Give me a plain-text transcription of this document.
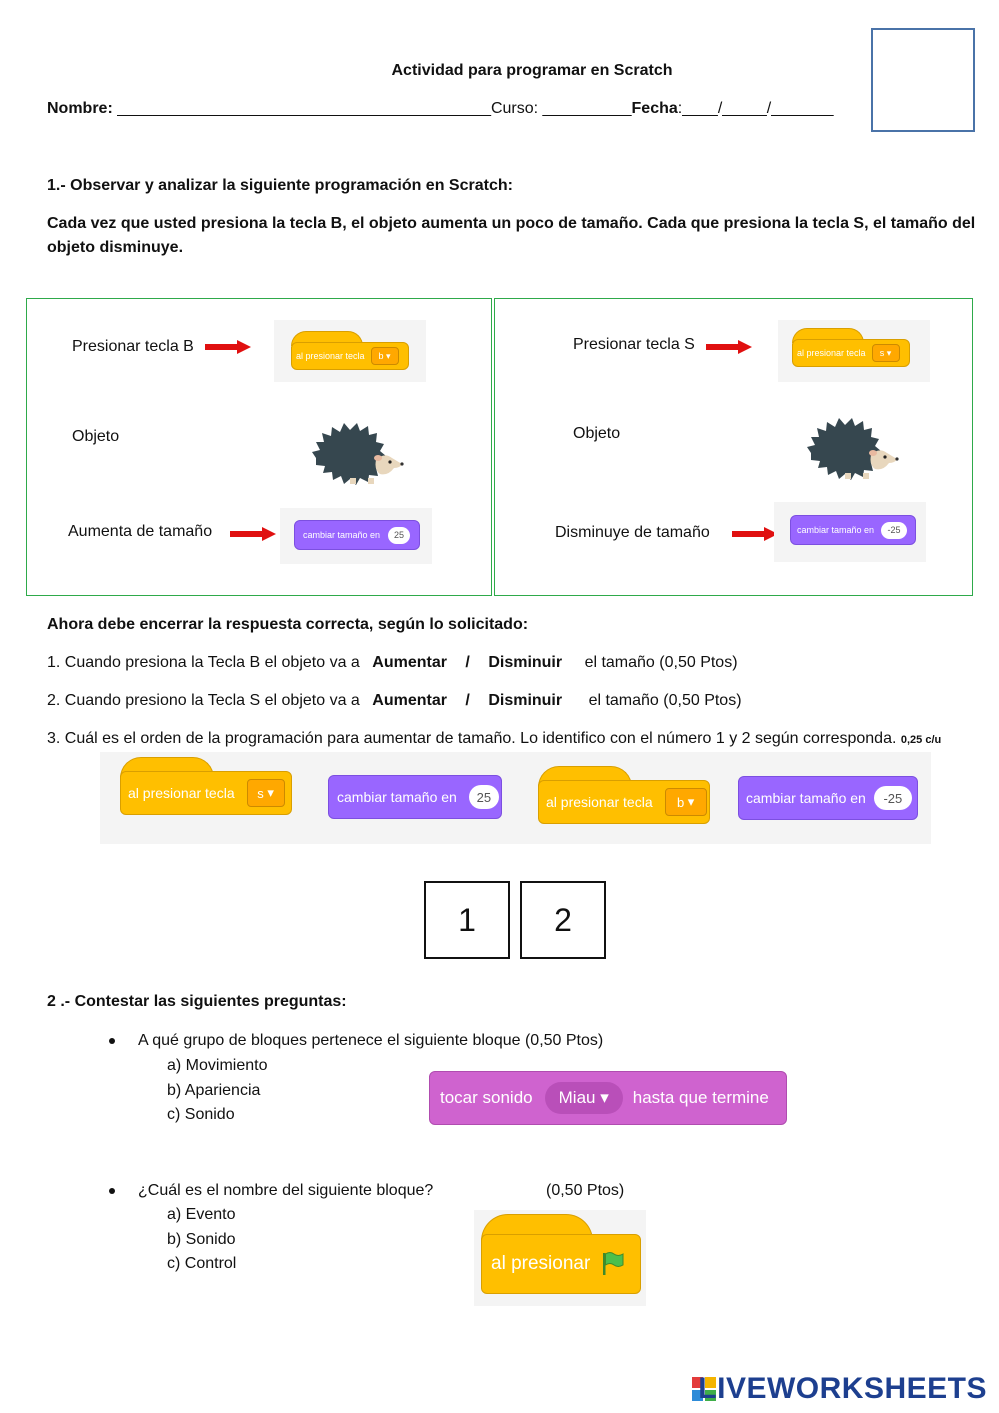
Actividad para programar en Scratch
Nombre: __________________________________________Curso: __________Fecha:____/_____/_______
1.- Observar y analizar la siguiente programación en Scratch:
Cada vez que usted presiona la tecla B, el objeto aumenta un poco de tamaño. Cada que presiona la tecla S, el tamaño del objeto disminuye.
Presionar tecla B
al presionar tecla b ▾
Objeto
Aumenta de tamaño	cambiar tamaño en	25
Presionar tecla S	al presionar tecla s ▾
Objeto
Disminuye de tamaño	cambiar tamaño en	-25
Ahora debe encerrar la respuesta correcta, según lo solicitado:
1. Cuando presiona la Tecla B el objeto va a Aumentar / Disminuir el tamaño (0,50 Ptos)
2. Cuando presiono la Tecla S el objeto va a Aumentar / Disminuir el tamaño (0,50 Ptos)
3. Cuál es el orden de la programación para aumentar de tamaño. Lo identifico con el número 1 y 2 según corresponda. 0,25 c/u
al presionar tecla s ▾	cambiar tamaño en	25	al presionar tecla b ▾	cambiar tamaño en	-25
1	2
2 .- Contestar las siguientes preguntas:
A qué grupo de bloques pertenece el siguiente bloque (0,50 Ptos)
a) Movimiento
b) Apariencia
c) Sonido
tocar sonido Miau ▾	hasta que termine
¿Cuál es el nombre del siguiente bloque?	(0,50 Ptos)
a) Evento
b) Sonido
c) Control	al presionar
LIVEWORKSHEETS
